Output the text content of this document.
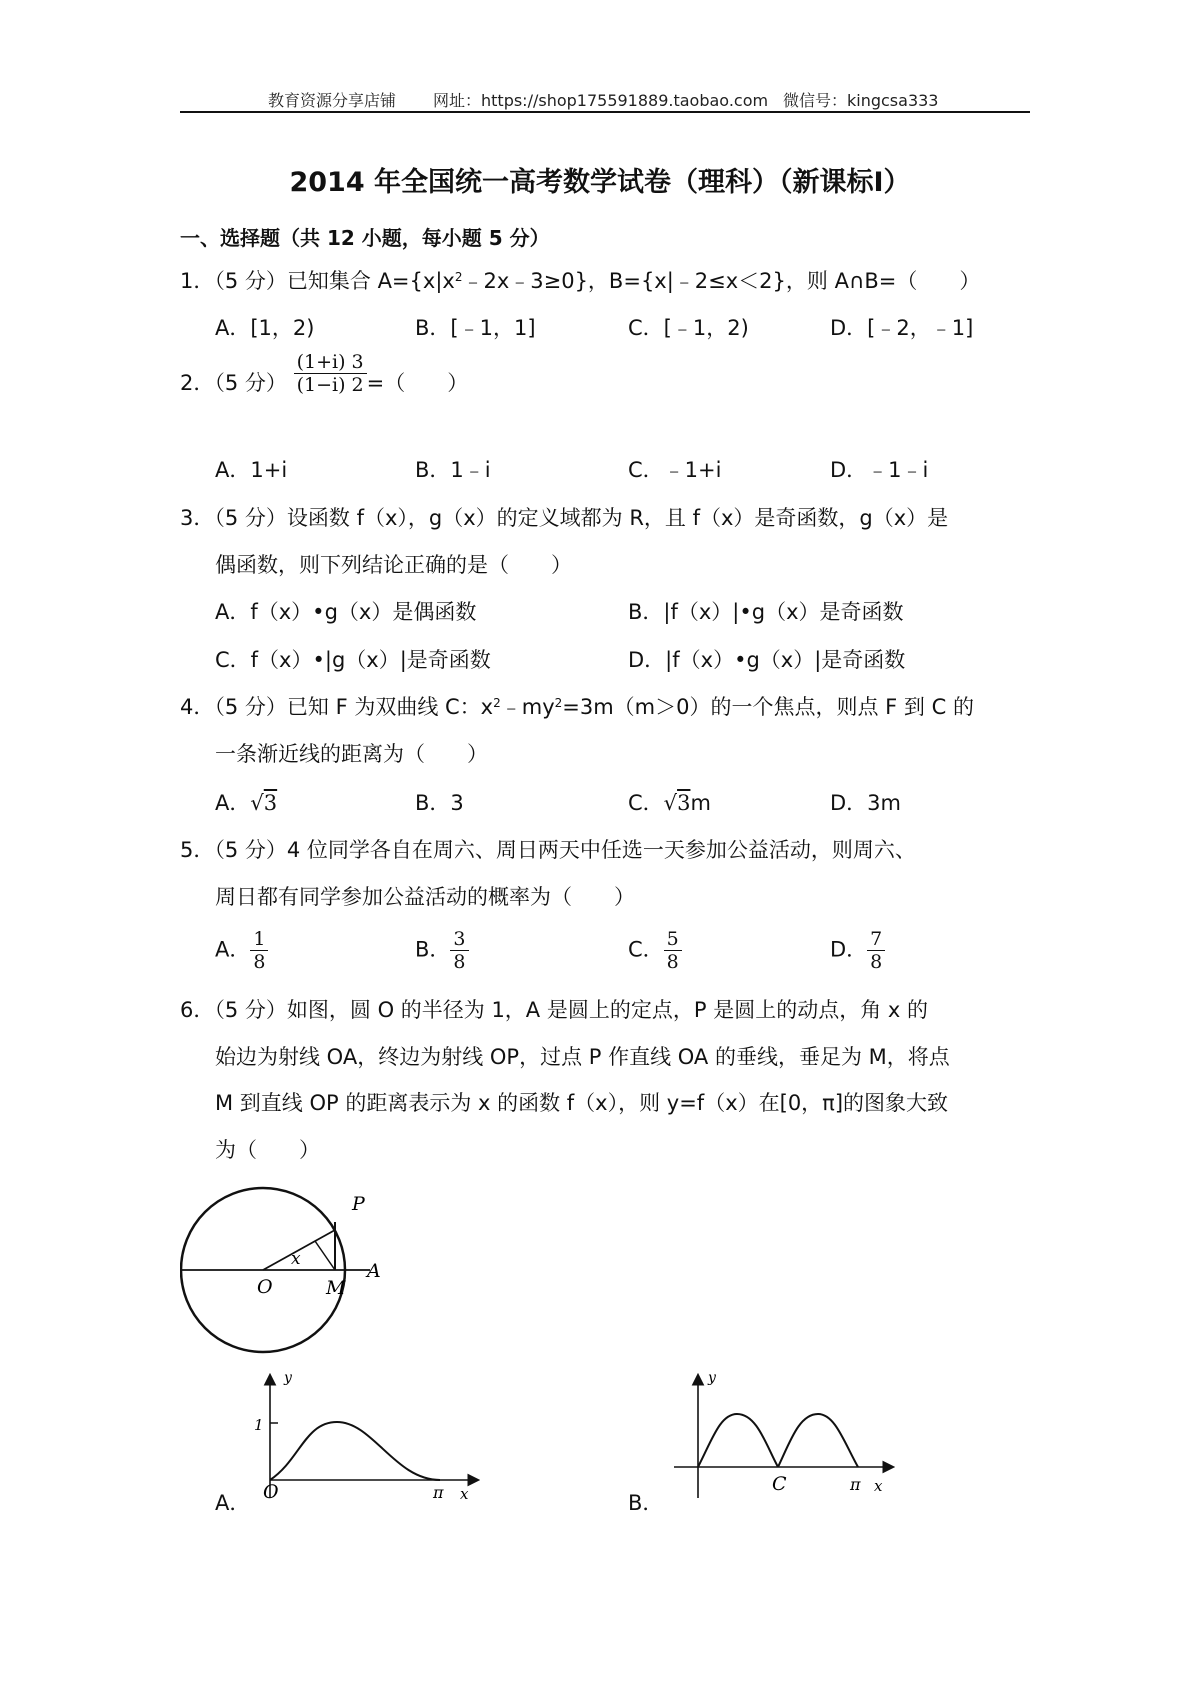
教育资源分享店铺 网址：https://shop175591889.taobao.com 微信号：kingcsa333
2014 年全国统一高考数学试卷（理科）（新课标Ⅰ）
一、选择题（共 12 小题，每小题 5 分）
1．（5 分）已知集合 $A=\{x|x^2﹣2x﹣3\ge 0\}$，B={x|﹣2≤x＜2}，则 A∩B=（　　）
A．[1，2)	B．[﹣1，1]	C．[﹣1，2)	D．[﹣2，﹣1]
2．（5 分） $\frac{(1+i) 3}{(1-i) 2}$ =（　　）
A．1+i	B．1﹣i	C．﹣1+i	D．﹣1﹣i
3．（5 分）设函数 f（x），g（x）的定义域都为 R，且 f（x）是奇函数，g（x）是
偶函数，则下列结论正确的是（　　）
A．f（x）•g（x）是偶函数	B．|f（x）|•g（x）是奇函数
C．f（x）•|g（x）|是奇函数	D．|f（x）•g（x）|是奇函数
4．（5 分）已知 F 为双曲线 C：$x^2﹣my^2=3m(m>0)$的一个焦点，则点 F 到 C 的
一条渐近线的距离为（　　）
A．√3	B．3	C．√3m	D．3m
5．（5 分）4 位同学各自在周六、周日两天中任选一天参加公益活动，则周六、
周日都有同学参加公益活动的概率为（　　）
A． $\frac{1}{8}$	B． $\frac{3}{8}$	C． $\frac{5}{8}$	D． $\frac{7}{8}$
6．（5 分）如图，圆 O 的半径为 1，A 是圆上的定点，P 是圆上的动点，角 x 的
始边为射线 OA，终边为射线 OP，过点 P 作直线 OA 的垂线，垂足为 M，将点
M 到直线 OP 的距离表示为 x 的函数 f（x），则 y=f（x）在[0，π]的图象大致
为（　　）
P
O	M
A
x
A．
y
1
O	π x	B．
y
C	π x
